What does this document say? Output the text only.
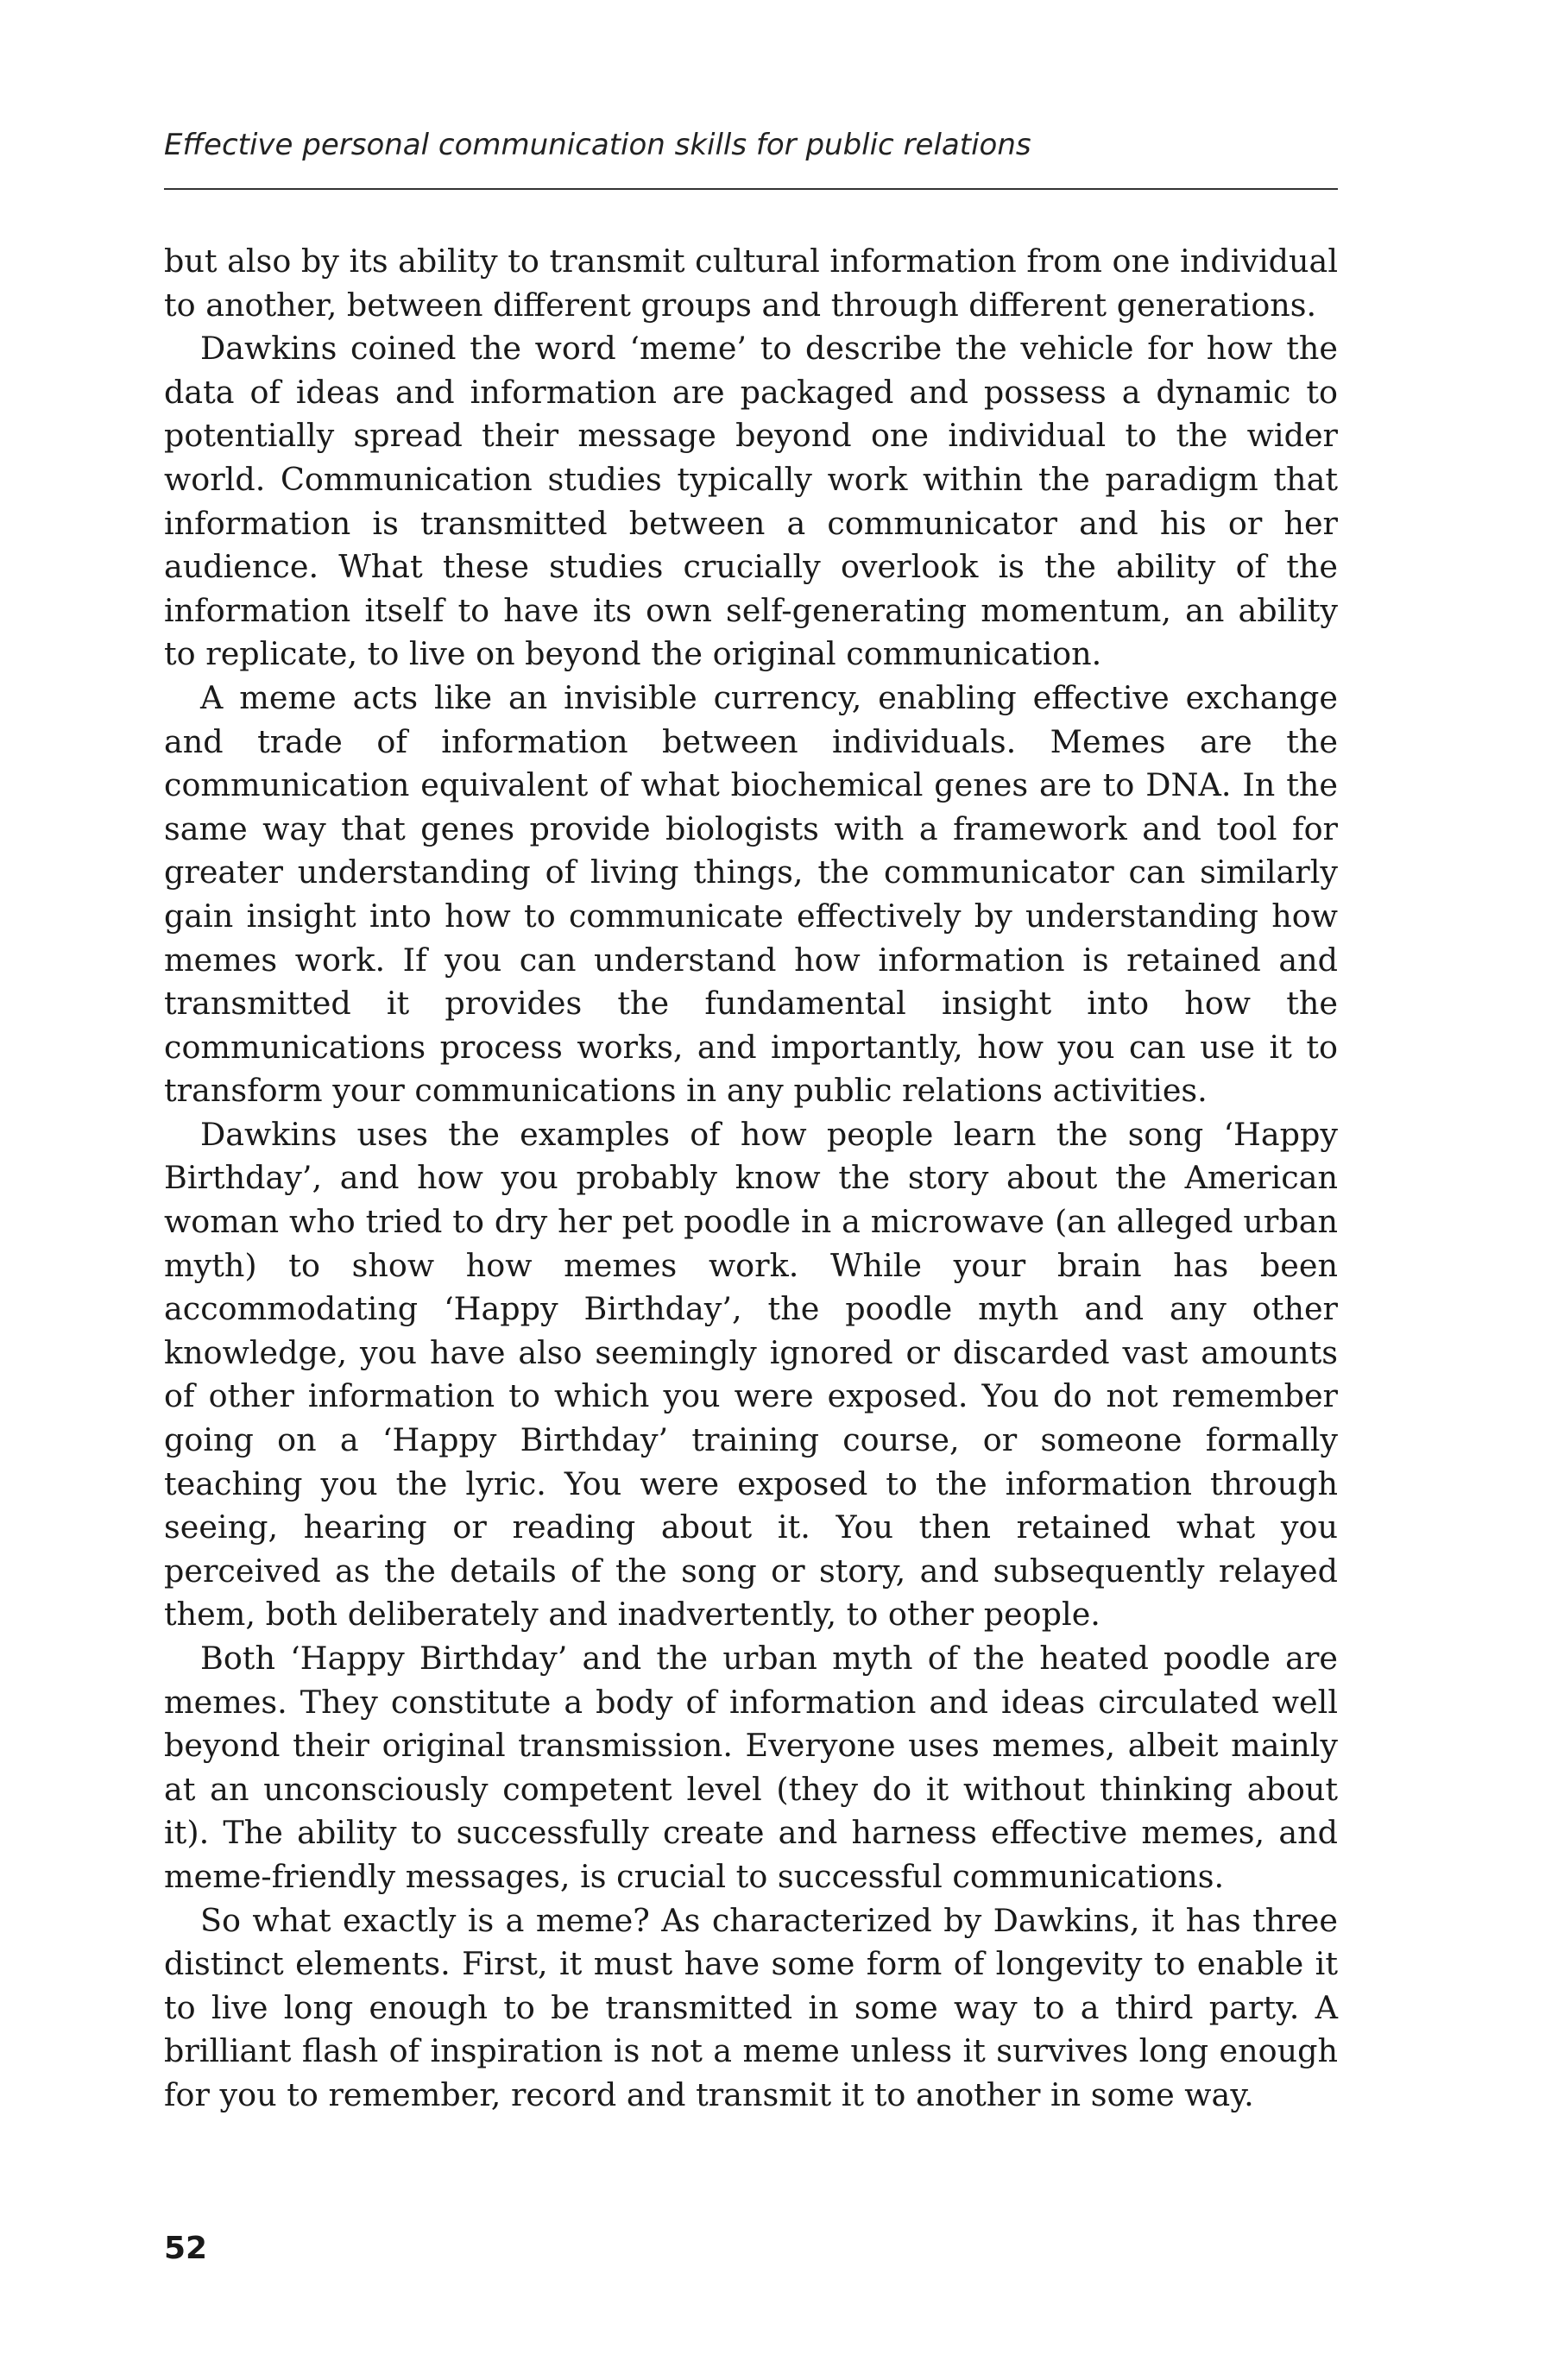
Effective personal communication skills for public relations

but also by its ability to transmit cultural information from one individual to another, between different groups and through different generations.

Dawkins coined the word ‘meme’ to describe the vehicle for how the data of ideas and information are packaged and possess a dynamic to potentially spread their message beyond one individual to the wider world. Communication studies typically work within the paradigm that information is transmitted between a communicator and his or her audience. What these studies crucially overlook is the ability of the information itself to have its own self-generating momentum, an ability to replicate, to live on beyond the original communication.

A meme acts like an invisible currency, enabling effective exchange and trade of information between individuals. Memes are the communication equivalent of what biochemical genes are to DNA. In the same way that genes provide biologists with a framework and tool for greater understanding of living things, the communicator can similarly gain insight into how to communicate effectively by understanding how memes work. If you can understand how information is retained and transmitted it provides the fundamental insight into how the communications process works, and importantly, how you can use it to transform your communications in any public relations activities.

Dawkins uses the examples of how people learn the song ‘Happy Birthday’, and how you probably know the story about the American woman who tried to dry her pet poodle in a microwave (an alleged urban myth) to show how memes work. While your brain has been accommodating ‘Happy Birthday’, the poodle myth and any other knowledge, you have also seemingly ignored or discarded vast amounts of other information to which you were exposed. You do not remember going on a ‘Happy Birthday’ training course, or someone formally teaching you the lyric. You were exposed to the information through seeing, hearing or reading about it. You then retained what you perceived as the details of the song or story, and subsequently relayed them, both deliberately and inadvertently, to other people.

Both ‘Happy Birthday’ and the urban myth of the heated poodle are memes. They constitute a body of information and ideas circulated well beyond their original transmission. Everyone uses memes, albeit mainly at an unconsciously competent level (they do it without thinking about it). The ability to successfully create and harness effective memes, and meme-friendly messages, is crucial to successful communications.

So what exactly is a meme? As characterized by Dawkins, it has three distinct elements. First, it must have some form of longevity to enable it to live long enough to be transmitted in some way to a third party. A brilliant flash of inspiration is not a meme unless it survives long enough for you to remember, record and transmit it to another in some way.

52
